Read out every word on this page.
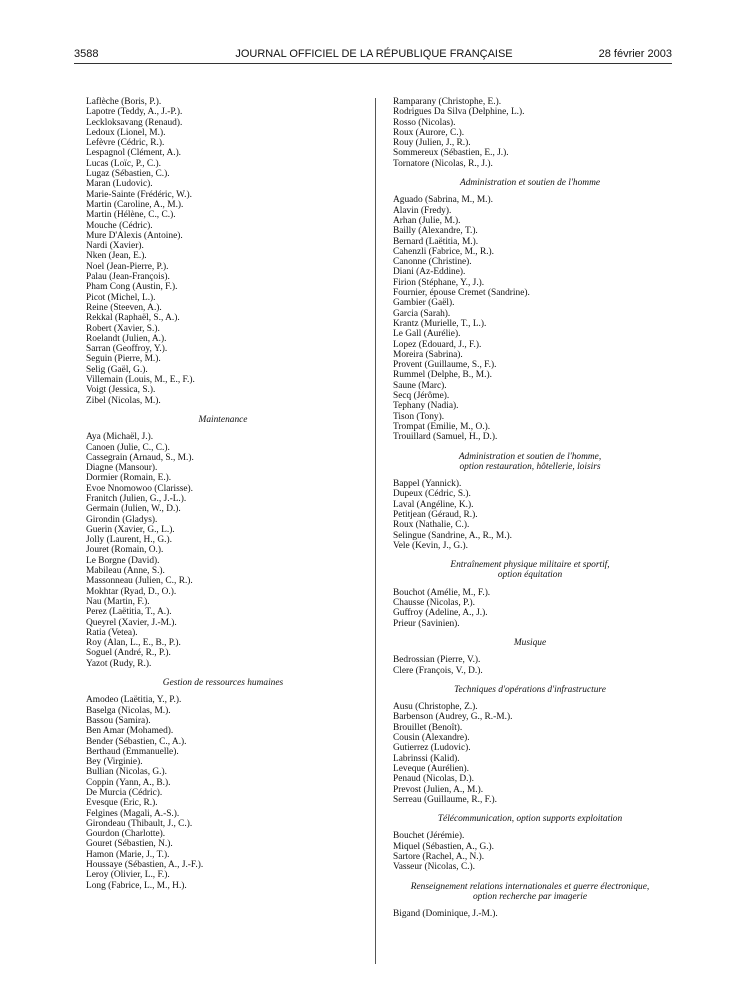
3588	JOURNAL OFFICIEL DE LA RÉPUBLIQUE FRANÇAISE	28 février 2003
Laflèche (Boris, P.).
Lapotre (Teddy, A., J.-P.).
Leckloksavang (Renaud).
Ledoux (Lionel, M.).
Lefèvre (Cédric, R.).
Lespagnol (Clément, A.).
Lucas (Loïc, P., C.).
Lugaz (Sébastien, C.).
Maran (Ludovic).
Marie-Sainte (Frédéric, W.).
Martin (Caroline, A., M.).
Martin (Hélène, C., C.).
Mouche (Cédric).
Mure D'Alexis (Antoine).
Nardi (Xavier).
Nken (Jean, E.).
Noel (Jean-Pierre, P.).
Palau (Jean-François).
Pham Cong (Austin, F.).
Picot (Michel, L.).
Reine (Steeven, A.).
Rekkal (Raphaël, S., A.).
Robert (Xavier, S.).
Roelandt (Julien, A.).
Sarran (Geoffroy, Y.).
Seguin (Pierre, M.).
Selig (Gaël, G.).
Villemain (Louis, M., E., F.).
Voigt (Jessica, S.).
Zibel (Nicolas, M.).
Maintenance
Aya (Michaël, J.).
Canoen (Julie, C., C.).
Cassegrain (Arnaud, S., M.).
Diagne (Mansour).
Dormier (Romain, E.).
Evoe Nnomowoo (Clarisse).
Franitch (Julien, G., J.-L.).
Germain (Julien, W., D.).
Girondin (Gladys).
Guerin (Xavier, G., L.).
Jolly (Laurent, H., G.).
Jouret (Romain, O.).
Le Borgne (David).
Mabileau (Anne, S.).
Massonneau (Julien, C., R.).
Mokhtar (Ryad, D., O.).
Nau (Martin, F.).
Perez (Laëtitia, T., A.).
Queyrel (Xavier, J.-M.).
Ratia (Vetea).
Roy (Alan, L., E., B., P.).
Soguel (André, R., P.).
Yazot (Rudy, R.).
Gestion de ressources humaines
Amodeo (Laëtitia, Y., P.).
Baselga (Nicolas, M.).
Bassou (Samira).
Ben Amar (Mohamed).
Bender (Sébastien, C., A.).
Berthaud (Emmanuelle).
Bey (Virginie).
Bullian (Nicolas, G.).
Coppin (Yann, A., B.).
De Murcia (Cédric).
Evesque (Eric, R.).
Felgines (Magali, A.-S.).
Girondeau (Thibault, J., C.).
Gourdon (Charlotte).
Gouret (Sébastien, N.).
Hamon (Marie, J., T.).
Houssaye (Sébastien, A., J.-F.).
Leroy (Olivier, L., F.).
Long (Fabrice, L., M., H.).
Ramparany (Christophe, E.).
Rodrigues Da Silva (Delphine, L.).
Rosso (Nicolas).
Roux (Aurore, C.).
Rouy (Julien, J., R.).
Sommereux (Sébastien, E., J.).
Tornatore (Nicolas, R., J.).
Administration et soutien de l'homme
Aguado (Sabrina, M., M.).
Alavin (Fredy).
Arhan (Julie, M.).
Bailly (Alexandre, T.).
Bernard (Laëtitia, M.).
Cahenzli (Fabrice, M., R.).
Canonne (Christine).
Diani (Az-Eddine).
Firion (Stéphane, Y., J.).
Fournier, épouse Cremet (Sandrine).
Gambier (Gaël).
Garcia (Sarah).
Krantz (Murielle, T., L.).
Le Gall (Aurélie).
Lopez (Edouard, J., F.).
Moreira (Sabrina).
Provent (Guillaume, S., F.).
Rummel (Delphe, B., M.).
Saune (Marc).
Secq (Jérôme).
Tephany (Nadia).
Tison (Tony).
Trompat (Emilie, M., O.).
Trouillard (Samuel, H., D.).
Administration et soutien de l'homme,
option restauration, hôtellerie, loisirs
Bappel (Yannick).
Dupeux (Cédric, S.).
Laval (Angéline, K.).
Petitjean (Géraud, R.).
Roux (Nathalie, C.).
Selingue (Sandrine, A., R., M.).
Vele (Kevin, J., G.).
Entraînement physique militaire et sportif,
option équitation
Bouchot (Amélie, M., F.).
Chausse (Nicolas, P.).
Guffroy (Adeline, A., J.).
Prieur (Savinien).
Musique
Bedrossian (Pierre, V.).
Clere (François, V., D.).
Techniques d'opérations d'infrastructure
Ausu (Christophe, Z.).
Barbenson (Audrey, G., R.-M.).
Brouillet (Benoît).
Cousin (Alexandre).
Gutierrez (Ludovic).
Labrinssi (Kalid).
Leveque (Aurélien).
Penaud (Nicolas, D.).
Prevost (Julien, A., M.).
Serreau (Guillaume, R., F.).
Télécommunication, option supports exploitation
Bouchet (Jérémie).
Miquel (Sébastien, A., G.).
Sartore (Rachel, A., N.).
Vasseur (Nicolas, C.).
Renseignement relations internationales et guerre électronique,
option recherche par imagerie
Bigand (Dominique, J.-M.).
